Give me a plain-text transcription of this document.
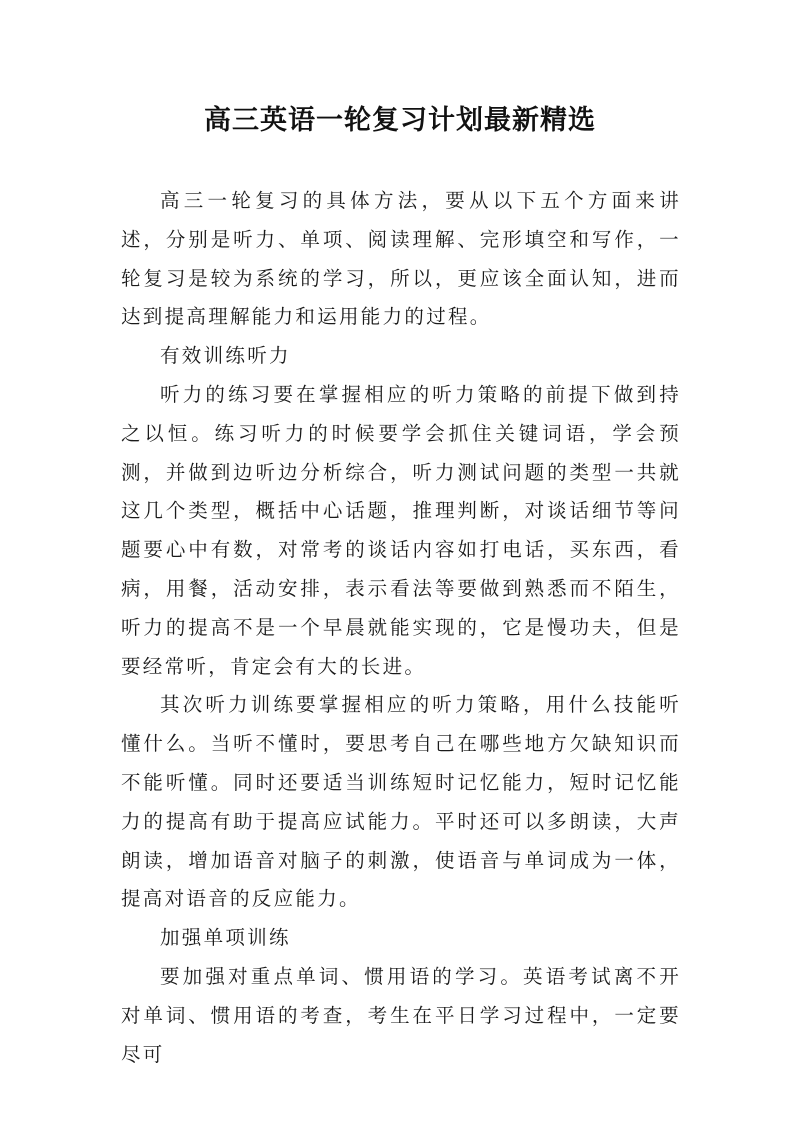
高三英语一轮复习计划最新精选

高三一轮复习的具体方法，要从以下五个方面来讲述，分别是听力、单项、阅读理解、完形填空和写作，一轮复习是较为系统的学习，所以，更应该全面认知，进而达到提高理解能力和运用能力的过程。

有效训练听力

听力的练习要在掌握相应的听力策略的前提下做到持之以恒。练习听力的时候要学会抓住关键词语，学会预测，并做到边听边分析综合，听力测试问题的类型一共就这几个类型，概括中心话题，推理判断，对谈话细节等问题要心中有数，对常考的谈话内容如打电话，买东西，看病，用餐，活动安排，表示看法等要做到熟悉而不陌生，听力的提高不是一个早晨就能实现的，它是慢功夫，但是要经常听，肯定会有大的长进。

其次听力训练要掌握相应的听力策略，用什么技能听懂什么。当听不懂时，要思考自己在哪些地方欠缺知识而不能听懂。同时还要适当训练短时记忆能力，短时记忆能力的提高有助于提高应试能力。平时还可以多朗读，大声朗读，增加语音对脑子的刺激，使语音与单词成为一体，提高对语音的反应能力。

加强单项训练

要加强对重点单词、惯用语的学习。英语考试离不开对单词、惯用语的考查，考生在平日学习过程中，一定要尽可
